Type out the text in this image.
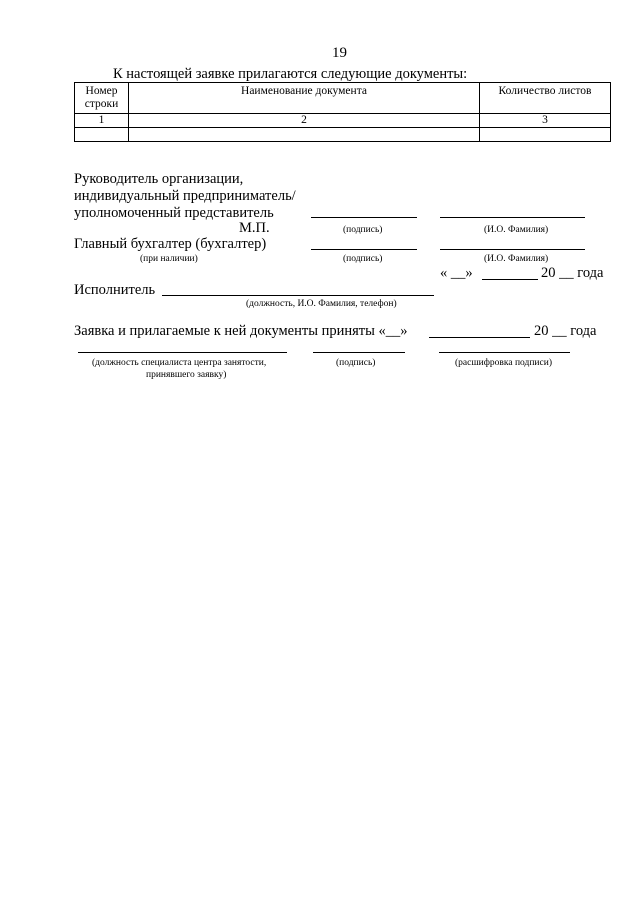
19
К настоящей заявке прилагаются следующие документы:
Номер строки	Наименование документа	Количество листов
1	2	3

Руководитель организации,
индивидуальный предприниматель/
уполномоченный представитель
М.П.	(подпись)	(И.О. Фамилия)
Главный бухгалтер (бухгалтер)
(при наличии)	(подпись)	(И.О. Фамилия)
« __»	20 __ года
Исполнитель
(должность, И.О. Фамилия, телефон)
Заявка и прилагаемые к ней документы приняты «__»	20 __ года
(должность специалиста центра занятости,
принявшего заявку)
(подпись)	(расшифровка подписи)
